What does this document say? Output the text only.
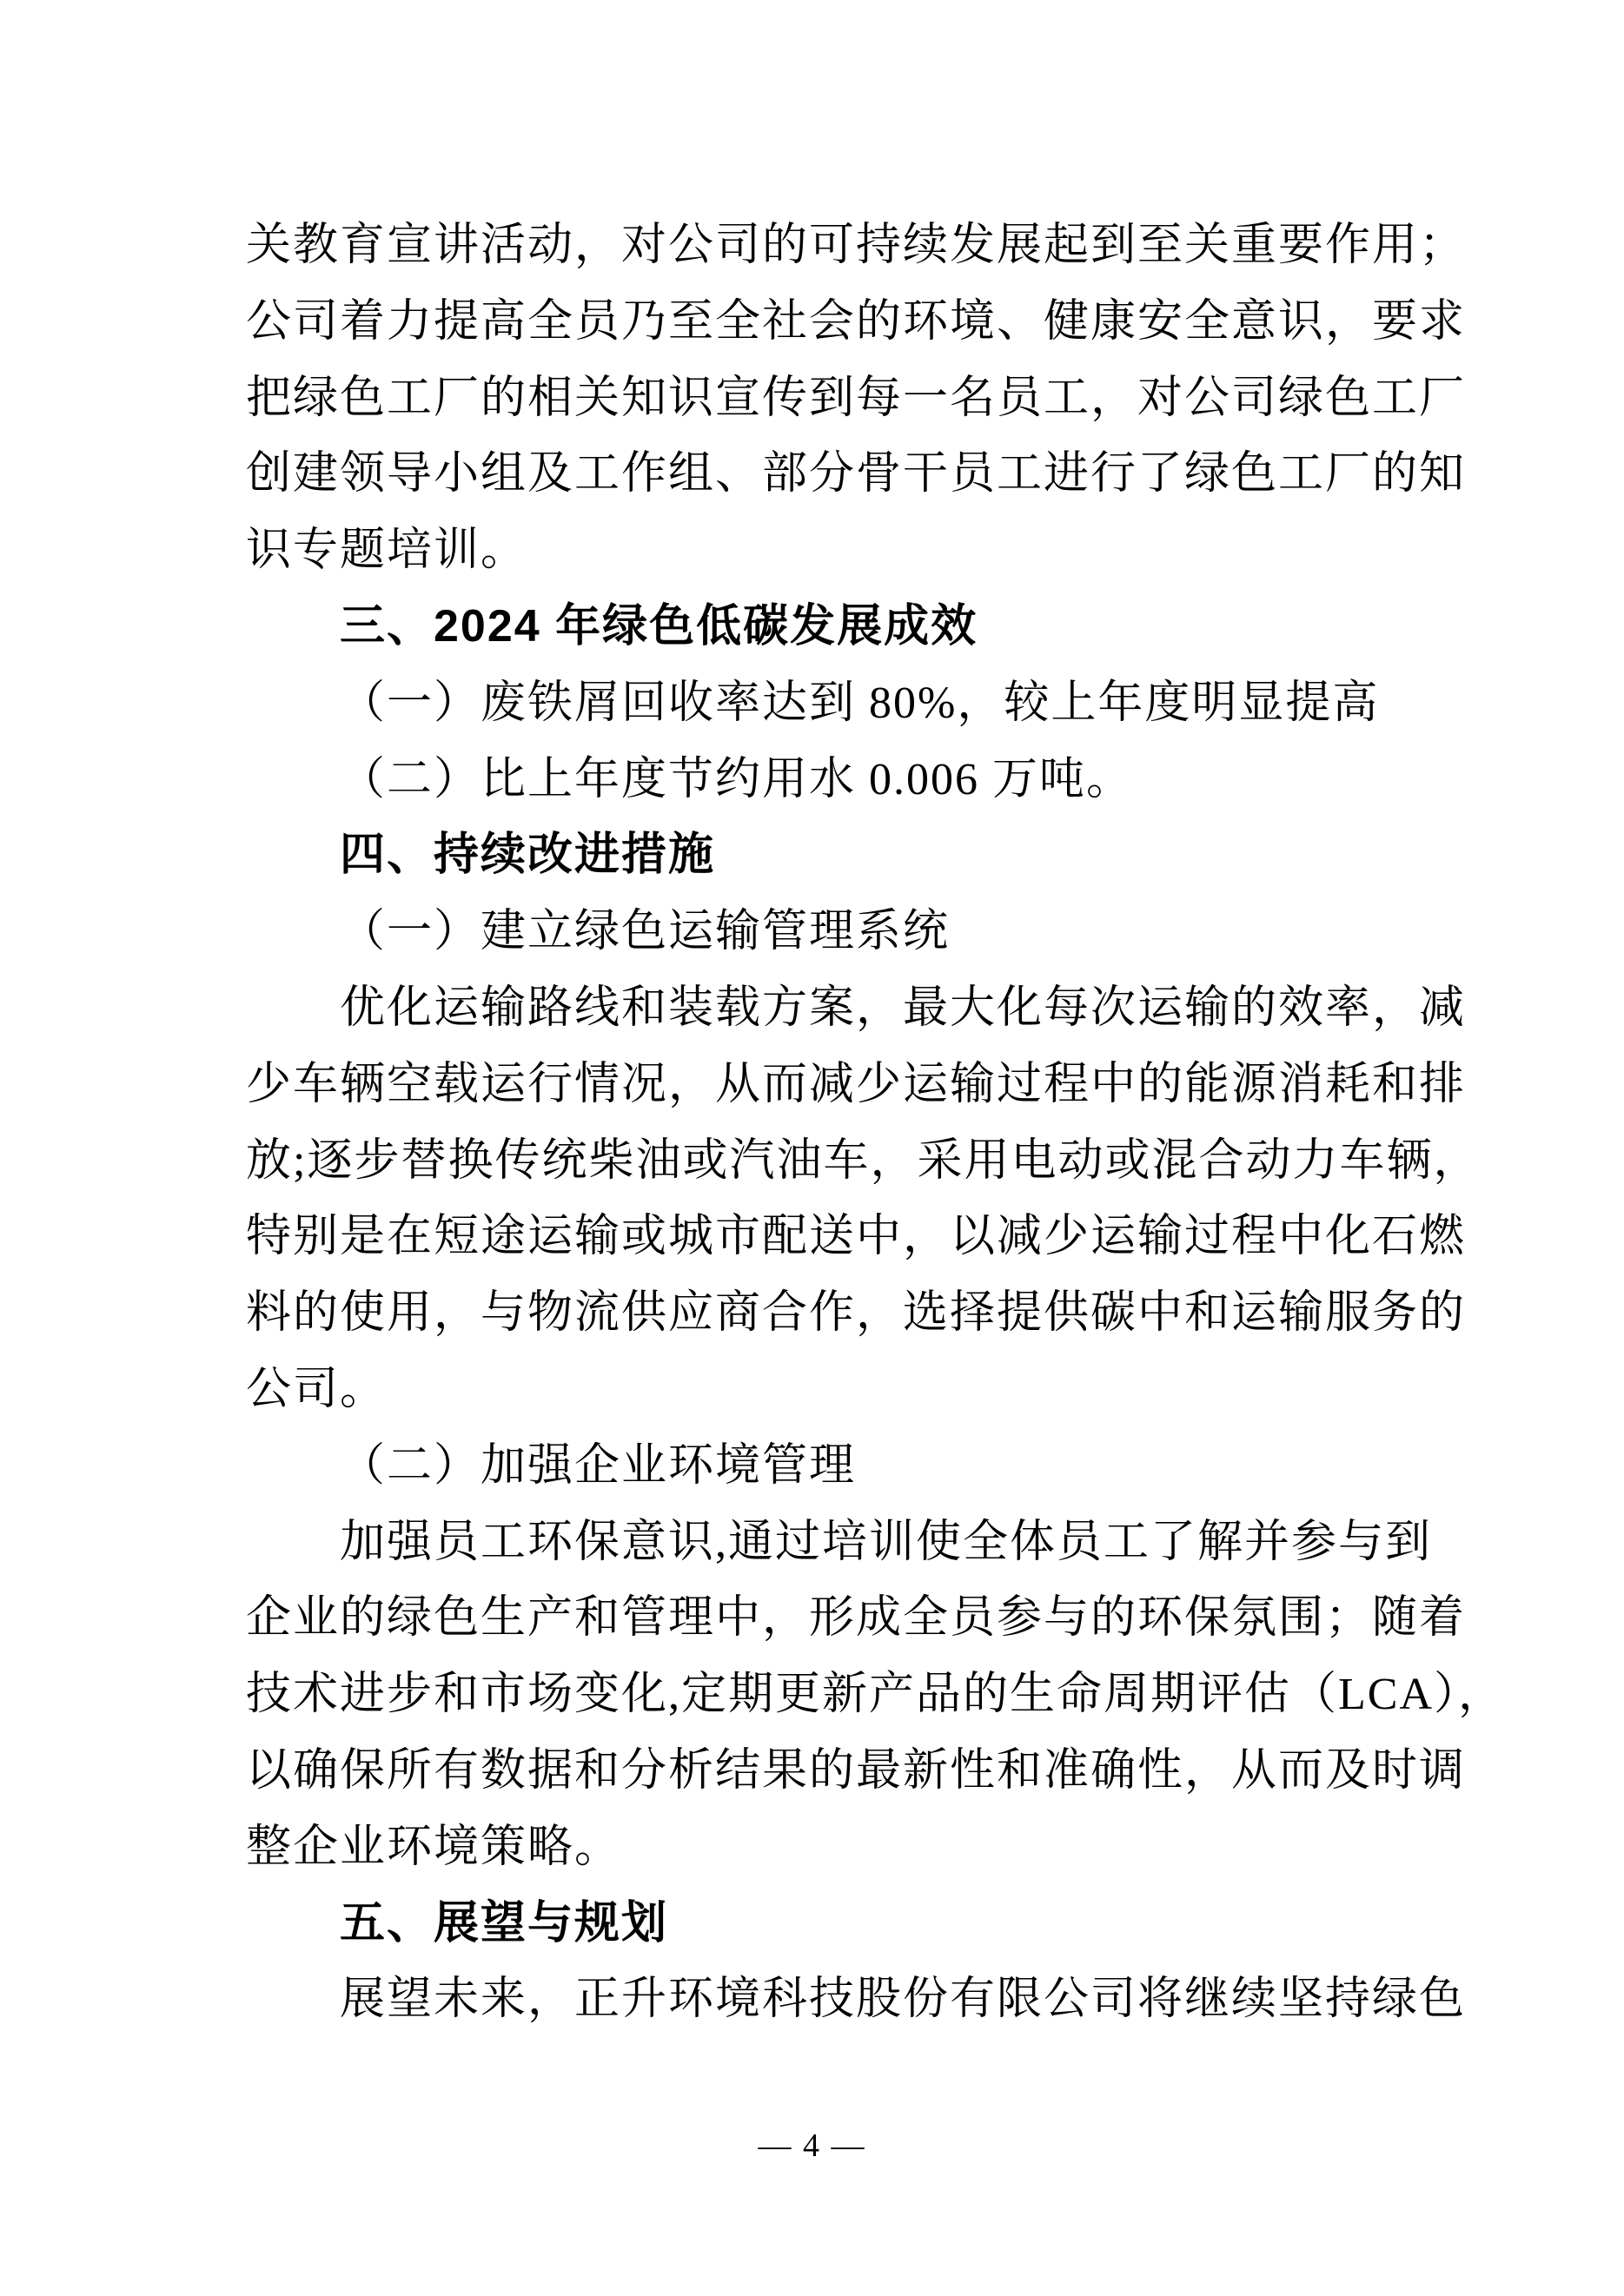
关教育宣讲活动，对公司的可持续发展起到至关重要作用；

公司着力提高全员乃至全社会的环境、健康安全意识，要求

把绿色工厂的相关知识宣传到每一名员工，对公司绿色工厂

创建领导小组及工作组、部分骨干员工进行了绿色工厂的知

识专题培训。

三、2024 年绿色低碳发展成效

（一）废铁屑回收率达到 80%，较上年度明显提高

（二）比上年度节约用水 0.006 万吨。

四、持续改进措施

（一）建立绿色运输管理系统

优化运输路线和装载方案，最大化每次运输的效率，减

少车辆空载运行情况，从而减少运输过程中的能源消耗和排

放;逐步替换传统柴油或汽油车，采用电动或混合动力车辆，

特别是在短途运输或城市配送中，以减少运输过程中化石燃

料的使用，与物流供应商合作，选择提供碳中和运输服务的

公司。

（二）加强企业环境管理

加强员工环保意识,通过培训使全体员工了解并参与到

企业的绿色生产和管理中，形成全员参与的环保氛围；随着

技术进步和市场变化,定期更新产品的生命周期评估（LCA），

以确保所有数据和分析结果的最新性和准确性，从而及时调

整企业环境策略。

五、展望与规划

展望未来，正升环境科技股份有限公司将继续坚持绿色

— 4 —
